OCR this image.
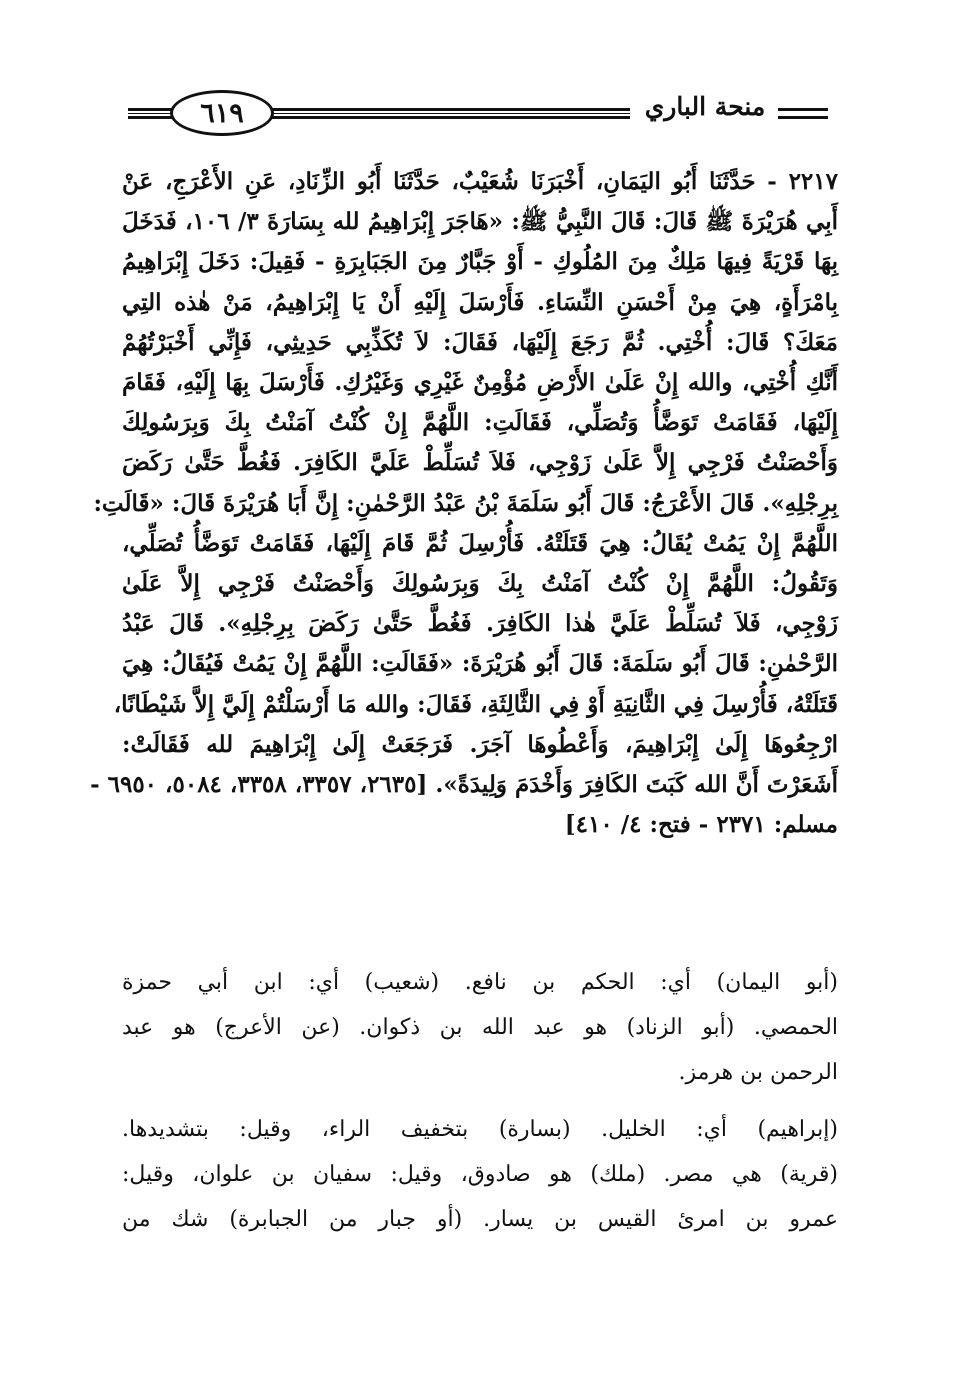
٦١٩	منحة الباري
٢٢١٧ - حَدَّثَنَا أَبُو اليَمَانِ، أَخْبَرَنَا شُعَيْبٌ، حَدَّثَنَا أَبُو الزِّنَادِ، عَنِ الأَعْرَجِ، عَنْ
أَبِي هُرَيْرَةَ ﷺ قَالَ: قَالَ النَّبِيُّ ﷺ: «هَاجَرَ إِبْرَاهِيمُ لله بِسَارَةَ ٣/ ١٠٦، فَدَخَلَ
بِهَا قَرْيَةً فِيهَا مَلِكٌ مِنَ المُلُوكِ - أَوْ جَبَّارٌ مِنَ الجَبَابِرَةِ - فَقِيلَ: دَخَلَ إِبْرَاهِيمُ
بِامْرَأَةٍ، هِيَ مِنْ أَحْسَنِ النِّسَاءِ. فَأَرْسَلَ إِلَيْهِ أَنْ يَا إِبْرَاهِيمُ، مَنْ هٰذه التِي
مَعَكَ؟ قَالَ: أُخْتِي. ثُمَّ رَجَعَ إِلَيْهَا، فَقَالَ: لاَ تُكَذِّبِي حَدِيثِي، فَإِنِّي أَخْبَرْتُهُمْ
أَنَّكِ أُخْتِي، والله إِنْ عَلَىٰ الأَرْضِ مُؤْمِنٌ غَيْرِي وَغَيْرُكِ. فَأَرْسَلَ بِهَا إِلَيْهِ، فَقَامَ
إِلَيْهَا، فَقَامَتْ تَوَضَّأُ وَتُصَلِّي، فَقَالَتِ: اللَّهُمَّ إِنْ كُنْتُ آمَنْتُ بِكَ وَبِرَسُولِكَ
وَأَحْصَنْتُ فَرْجِي إِلاَّ عَلَىٰ زَوْجِي، فَلاَ تُسَلِّطْ عَلَيَّ الكَافِرَ. فَغُطَّ حَتَّىٰ رَكَضَ
بِرِجْلِهِ». قَالَ الأَعْرَجُ: قَالَ أَبُو سَلَمَةَ بْنُ عَبْدُ الرَّحْمٰنِ: إِنَّ أَبَا هُرَيْرَةَ قَالَ: «قَالَتِ:
اللَّهُمَّ إِنْ يَمُتْ يُقَالُ: هِيَ قَتَلَتْهُ. فَأُرْسِلَ ثُمَّ قَامَ إِلَيْهَا، فَقَامَتْ تَوَضَّأُ تُصَلِّي،
وَتَقُولُ: اللَّهُمَّ إِنْ كُنْتُ آمَنْتُ بِكَ وَبِرَسُولِكَ وَأَحْصَنْتُ فَرْجِي إِلاَّ عَلَىٰ
زَوْجِي، فَلاَ تُسَلِّطْ عَلَيَّ هٰذا الكَافِرَ. فَغُطَّ حَتَّىٰ رَكَضَ بِرِجْلِهِ». قَالَ عَبْدُ
الرَّحْمٰنِ: قَالَ أَبُو سَلَمَةَ: قَالَ أَبُو هُرَيْرَةَ: «فَقَالَتِ: اللَّهُمَّ إِنْ يَمُتْ فَيُقَالُ: هِيَ
قَتَلَتْهُ، فَأُرْسِلَ فِي الثَّانِيَةِ أَوْ فِي الثَّالِثَةِ، فَقَالَ: والله مَا أَرْسَلْتُمْ إِلَيَّ إِلاَّ شَيْطَانًا،
ارْجِعُوهَا إِلَىٰ إِبْرَاهِيمَ، وَأَعْطُوهَا آجَرَ. فَرَجَعَتْ إِلَىٰ إِبْرَاهِيمَ لله فَقَالَتْ:
أَشَعَرْتَ أَنَّ الله كَبَتَ الكَافِرَ وَأَخْدَمَ وَلِيدَةً». [٢٦٣٥، ٣٣٥٧، ٣٣٥٨، ٥٠٨٤، ٦٩٥٠ -
مسلم: ٢٣٧١ - فتح: ٤/ ٤١٠]
(أبو اليمان) أي: الحكم بن نافع. (شعيب) أي: ابن أبي حمزة
الحمصي. (أبو الزناد) هو عبد الله بن ذكوان. (عن الأعرج) هو عبد
الرحمن بن هرمز.
(إبراهيم) أي: الخليل. (بسارة) بتخفيف الراء، وقيل: بتشديدها.
(قرية) هي مصر. (ملك) هو صادوق، وقيل: سفيان بن علوان، وقيل:
عمرو بن امرئ القيس بن يسار. (أو جبار من الجبابرة) شك من
